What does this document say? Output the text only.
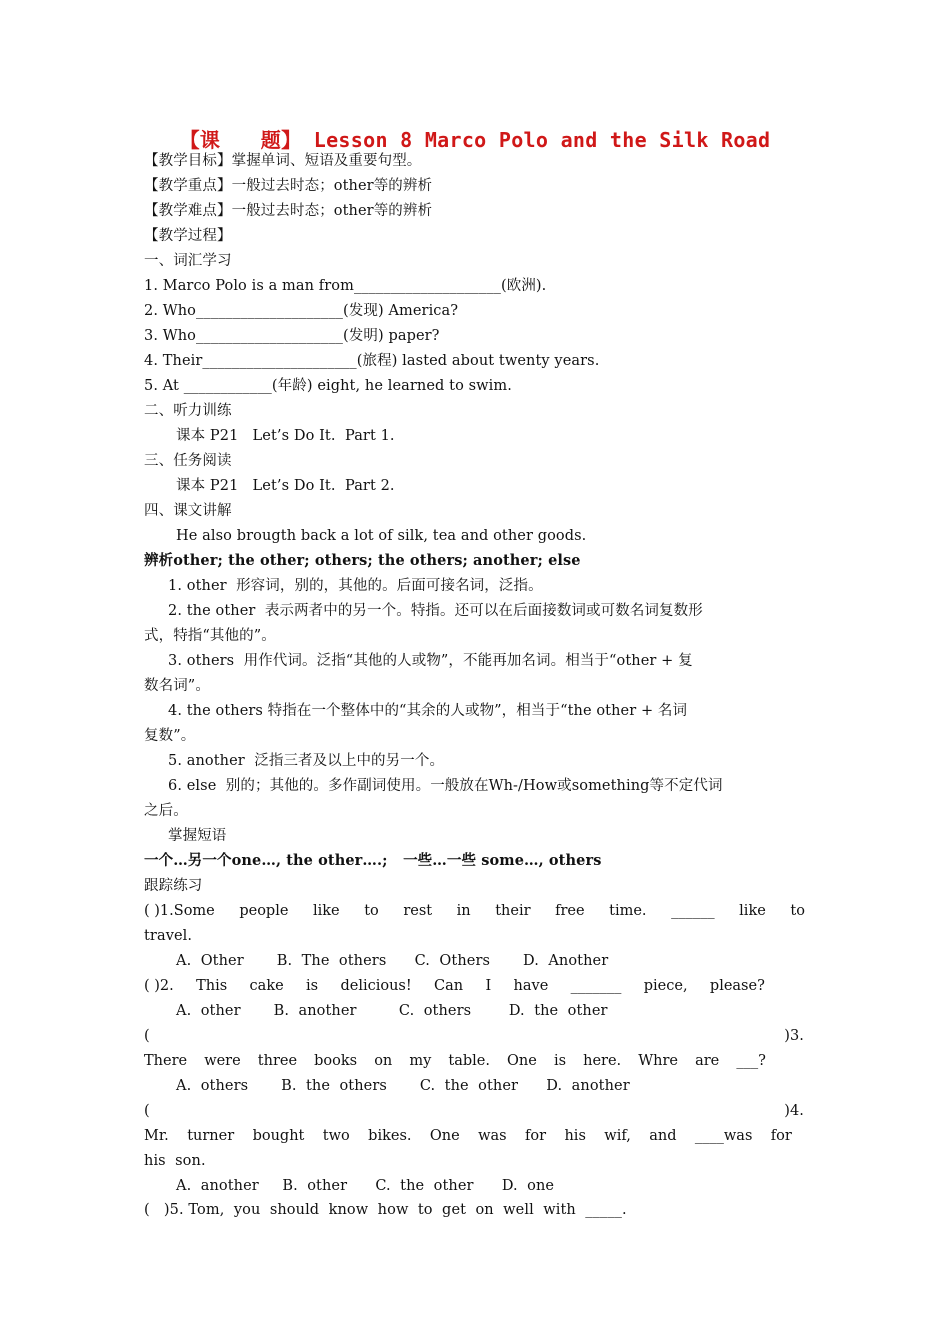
【课　　题】 Lesson 8 Marco Polo and the Silk Road
【教学目标】掌握单词、短语及重要句型。
【教学重点】一般过去时态；other等的辨析
【教学难点】一般过去时态；other等的辨析
【教学过程】
一、词汇学习
1. Marco Polo is a man from____________________(欧洲).
2. Who____________________(发现) America?
3. Who____________________(发明) paper?
4. Their_____________________(旅程) lasted about twenty years.
5. At ____________(年龄) eight, he learned to swim.
二、听力训练
课本 P21   Let’s Do It.  Part 1.
三、任务阅读
课本 P21   Let’s Do It.  Part 2.
四、课文讲解
He also brougth back a lot of silk, tea and other goods.
辨析other; the other; others; the others; another; else
1. other  形容词，别的，其他的。后面可接名词，泛指。
2. the other  表示两者中的另一个。特指。还可以在后面接数词或可数名词复数形
式，特指“其他的”。
3. others  用作代词。泛指“其他的人或物”，不能再加名词。相当于“other + 复
数名词”。
4. the others 特指在一个整体中的“其余的人或物”，相当于“the other + 名词
复数”。
5. another  泛指三者及以上中的另一个。
6. else  别的；其他的。多作副词使用。一般放在Wh-/How或something等不定代词
之后。
掌握短语
一个…另一个one…, the other….;   一些…一些 some…, others
跟踪练习
( )1.Some people like to rest in their free time. ______ like to
travel.
A.  Other       B.  The  others      C.  Others       D.  Another
( )2. This cake is delicious! Can I have _______ piece, please?
A.  other       B.  another         C.  others        D.  the  other
(	)3.
There were three books on my table. One is here. Whre are ___?
A.  others       B.  the  others       C.  the  other      D.  another
(	)4.
Mr. turner bought two bikes. One was for his wif, and ____was for
his  son.
A.  another     B.  other      C.  the  other      D.  one
(   )5. Tom,  you  should  know  how  to  get  on  well  with  _____.
